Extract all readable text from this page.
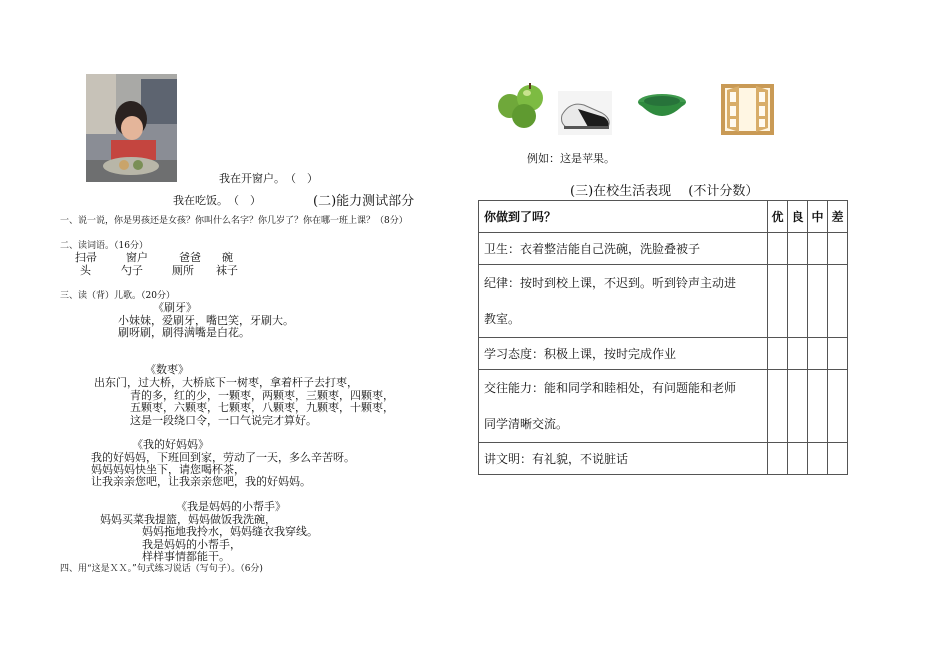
我在开窗户。　（　）
我在吃饭。　（　）	(二)能力测试部分
一、说一说，你是男孩还是女孩？你叫什么名字？你几岁了？你在哪一班上课？（8分）
二、读词语。（16分）
扫帚	窗户	爸爸 碗
头	勺子	厕所 袜子
三、读（背）儿歌。（20分）
《刷牙》
小妹妹，爱刷牙，嘴巴笑，牙刷大。
刷呀刷，刷得满嘴是白花。
《数枣》
出东门，过大桥，大桥底下一树枣，拿着杆子去打枣，
青的多，红的少，一颗枣，两颗枣，三颗枣，四颗枣，
五颗枣，六颗枣，七颗枣，八颗枣，九颗枣，十颗枣，
这是一段绕口令，一口气说完才算好。
《我的好妈妈》
我的好妈妈，下班回到家，劳动了一天，多么辛苦呀。
妈妈妈妈快坐下，请您喝杯茶，
让我亲亲您吧，让我亲亲您吧，我的好妈妈。
《我是妈妈的小帮手》
妈妈买菜我提篮，妈妈做饭我洗碗，
妈妈拖地我拎水，妈妈缝衣我穿线。
我是妈妈的小帮手，
样样事情都能干。
四、用“这是ＸＸ。”句式练习说话（写句子）。（6分)
例如：这是苹果。
(三)在校生活表现　 (不计分数）
你做到了吗？	优	良	中	差
卫生：衣着整洁能自己洗碗，洗脸叠被子				
纪律：按时到校上课，不迟到。听到铃声主动进
教室。				
学习态度：积极上课，按时完成作业				
交往能力：能和同学和睦相处，有问题能和老师
同学清晰交流。				
讲文明：有礼貌，不说脏话				
